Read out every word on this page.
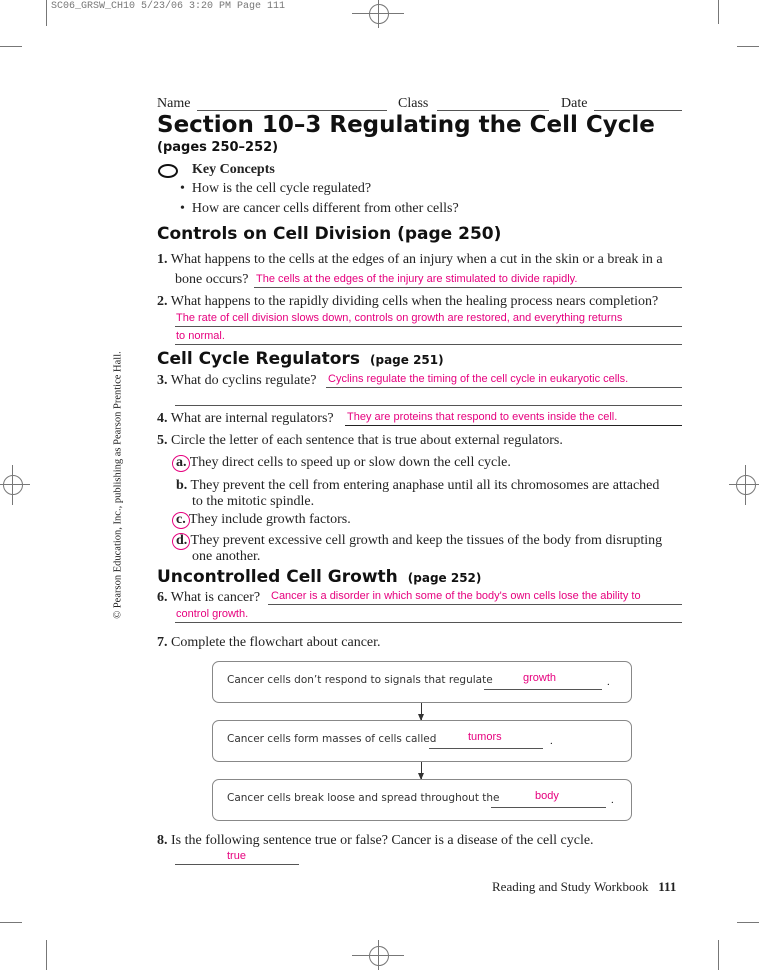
SC06_GRSW_CH10 5/23/06 3:20 PM Page 111
Name	Class	Date
Section 10–3 Regulating the Cell Cycle
(pages 250–252)
Key Concepts
•  How is the cell cycle regulated?
•  How are cancer cells different from other cells?
Controls on Cell Division (page 250)
1. What happens to the cells at the edges of an injury when a cut in the skin or a break in a
bone occurs? The cells at the edges of the injury are stimulated to divide rapidly.
2. What happens to the rapidly dividing cells when the healing process nears completion?
The rate of cell division slows down, controls on growth are restored, and everything returns
to normal.
Cell Cycle Regulators (page 251)
3. What do cyclins regulate? Cyclins regulate the timing of the cell cycle in eukaryotic cells.
4. What are internal regulators? They are proteins that respond to events inside the cell.
5. Circle the letter of each sentence that is true about external regulators.
a. They direct cells to speed up or slow down the cell cycle.
b. They prevent the cell from entering anaphase until all its chromosomes are attached
to the mitotic spindle.
c. They include growth factors.
d. They prevent excessive cell growth and keep the tissues of the body from disrupting
one another.
Uncontrolled Cell Growth (page 252)
6. What is cancer? Cancer is a disorder in which some of the body's own cells lose the ability to
control growth.
7. Complete the flowchart about cancer.
Cancer cells don’t respond to signals that regulate	growth	.
Cancer cells form masses of cells called	tumors	.
Cancer cells break loose and spread throughout the	body	.
8. Is the following sentence true or false? Cancer is a disease of the cell cycle.
true
Reading and Study Workbook 111
© Pearson Education, Inc., publishing as Pearson Prentice Hall.
